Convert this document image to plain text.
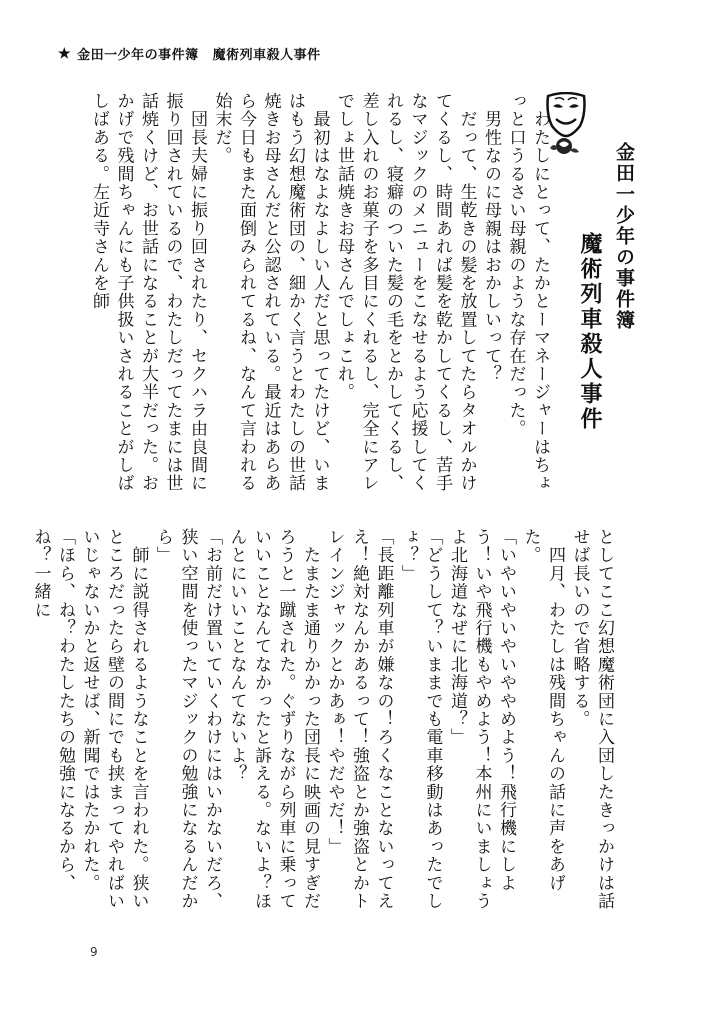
★ 金田一少年の事件簿 魔術列車殺人事件
金田一少年の事件簿
魔術列車殺人事件

　わたしにとって、たかとーマネージャーはちょっと口うるさい母親のような存在だった。

　男性なのに母親はおかしいって？

　だって、生乾きの髪を放置してたらタオルかけてくるし、時間あれば髪を乾かしてくるし、苦手なマジックのメニューをこなせるよう応援してくれるし、寝癖のついた髪の毛をとかしてくるし、差し入れのお菓子を多目にくれるし、完全にアレでしょ世話焼きお母さんでしょこれ。

　最初はなよなよしい人だと思ってたけど、いまはもう幻想魔術団の、細かく言うとわたしの世話焼きお母さんだと公認されている。最近はあらあら今日もまた面倒みられてるね、なんて言われる始末だ。

　団長夫婦に振り回されたり、セクハラ由良間に振り回されているので、わたしだってたまには世話焼くけど、お世話になることが大半だった。おかげで残間ちゃんにも子供扱いされることがしばしばある。左近寺さんを師

としてここ幻想魔術団に入団したきっかけは話せば長いので省略する。

　四月、わたしは残間ちゃんの話に声をあげた。

「いやいやいやいややめよう！飛行機にしよう！いや飛行機もやめよう！本州にいましょうよ北海道なぜに北海道？」

「どうして？いままでも電車移動はあったでしょ？」

「長距離列車が嫌なの！ろくなことないってええ！絶対なんかあるって！強盗とか強盗とかトレインジャックとかあぁ！やだやだ！」

　たまたま通りかかった団長に映画の見すぎだろうと一蹴された。ぐずりながら列車に乗っていいことなんてなかったと訴える。ないよ？ほんとにいいことなんてないよ？

「お前だけ置いていくわけにはいかないだろ、狭い空間を使ったマジックの勉強になるんだから」

　師に説得されるようなことを言われた。狭いところだったら壁の間にでも挟まってやればいいじゃないかと返せば、新聞ではたかれた。

「ほら、ね？わたしたちの勉強になるから、ね？一緒に

9
